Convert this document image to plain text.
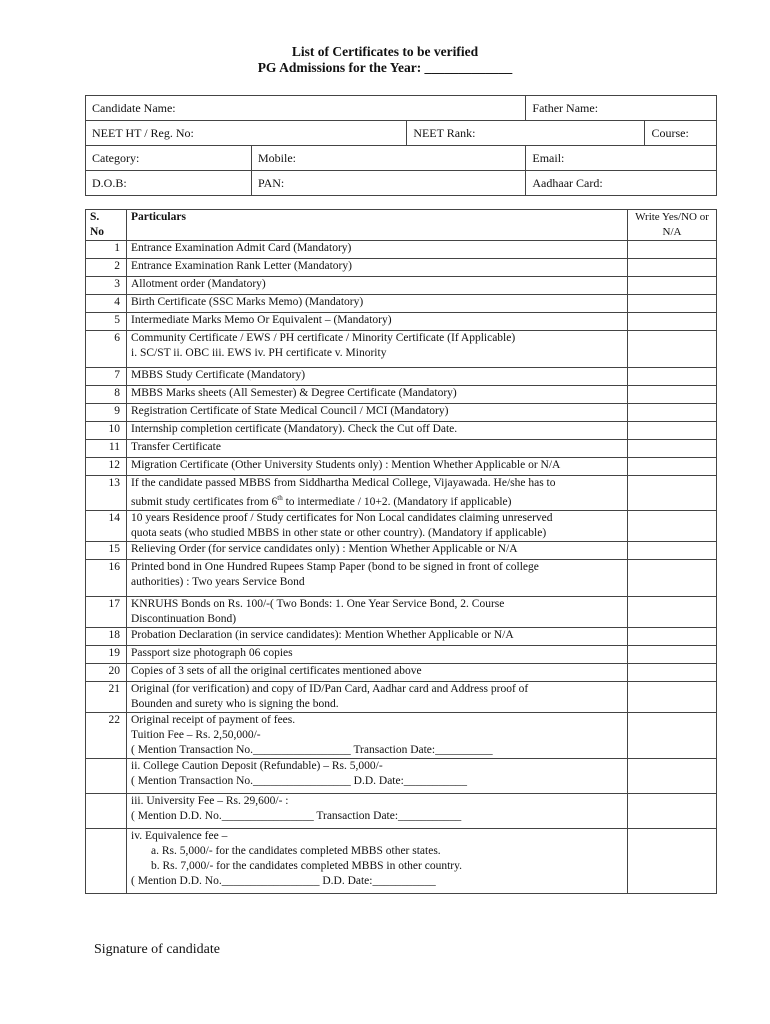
List of Certificates to be verified
PG Admissions for the Year: _____________
Candidate Name:			Father Name:	
NEET HT / Reg. No:		NEET Rank:		Course:
Category:	Mobile:		Email:	
D.O.B:	PAN:		Aadhaar Card:	
S.
No	Particulars	Write Yes/NO or N/A
1	Entrance Examination Admit Card (Mandatory)	

2	Entrance Examination Rank Letter (Mandatory)	

3	Allotment order (Mandatory)	

4	Birth Certificate (SSC Marks Memo) (Mandatory)	

5	Intermediate Marks Memo Or Equivalent – (Mandatory)	

6	Community Certificate / EWS / PH certificate / Minority Certificate (If Applicable)
i. SC/ST ii. OBC iii. EWS iv. PH certificate v. Minority	

7	MBBS Study Certificate (Mandatory)	

8	MBBS Marks sheets (All Semester) & Degree Certificate (Mandatory)	

9	Registration Certificate of State Medical Council / MCI (Mandatory)	

10	Internship completion certificate (Mandatory). Check the Cut off Date.	

11	Transfer Certificate	

12	Migration Certificate (Other University Students only) : Mention Whether Applicable or N/A	

13	If the candidate passed MBBS from Siddhartha Medical College, Vijayawada. He/she has to
submit study certificates from 6th to intermediate / 10+2. (Mandatory if applicable)	

14	10 years Residence proof / Study certificates for Non Local candidates claiming unreserved
quota seats (who studied MBBS in other state or other country). (Mandatory if applicable)	

15	Relieving Order (for service candidates only) : Mention Whether Applicable or N/A	

16	Printed bond in One Hundred Rupees Stamp Paper (bond to be signed in front of college
authorities) : Two years Service Bond	

17	KNRUHS Bonds on Rs. 100/-( Two Bonds: 1. One Year Service Bond, 2. Course
Discontinuation Bond)	

18	Probation Declaration (in service candidates): Mention Whether Applicable or N/A	

19	Passport size photograph 06 copies	

20	Copies of 3 sets of all the original certificates mentioned above	

21	Original (for verification) and copy of ID/Pan Card, Aadhar card and Address proof of
Bounden and surety who is signing the bond.	

22	Original receipt of payment of fees.
Tuition Fee – Rs. 2,50,000/-
( Mention Transaction No._________________ Transaction Date:__________	

	ii. College Caution Deposit (Refundable) – Rs. 5,000/-
( Mention Transaction No._________________ D.D. Date:___________	

	iii. University Fee – Rs. 29,600/- :
( Mention D.D. No.________________ Transaction Date:___________	

	iv. Equivalence fee –
a. Rs. 5,000/- for the candidates completed MBBS other states.
b. Rs. 7,000/- for the candidates completed MBBS in other country.
( Mention D.D. No._________________ D.D. Date:___________	

Signature of candidate
